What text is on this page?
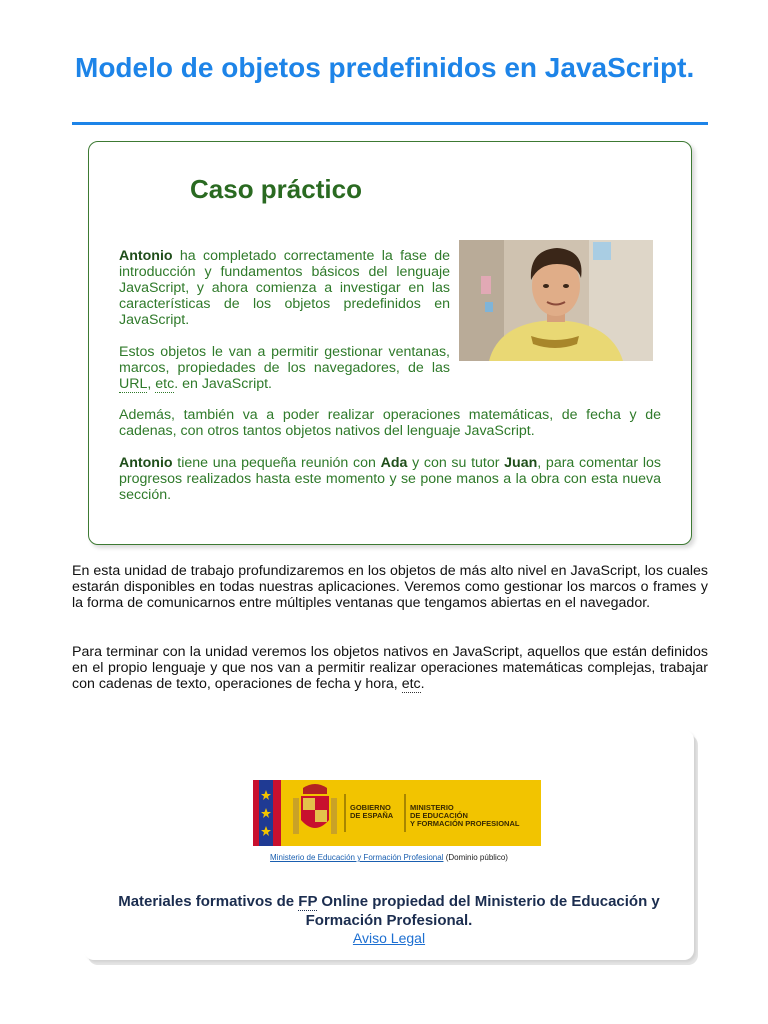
Modelo de objetos predefinidos en JavaScript.
Caso práctico

Antonio ha completado correctamente la fase de introducción y fundamentos básicos del lenguaje JavaScript, y ahora comienza a investigar en las características de los objetos predefinidos en JavaScript.

Estos objetos le van a permitir gestionar ventanas, marcos, propiedades de los navegadores, de las URL, etc. en JavaScript.

Además, también va a poder realizar operaciones matemáticas, de fecha y de cadenas, con otros tantos objetos nativos del lenguaje JavaScript.

Antonio tiene una pequeña reunión con Ada y con su tutor Juan, para comentar los progresos realizados hasta este momento y se pone manos a la obra con esta nueva sección.

En esta unidad de trabajo profundizaremos en los objetos de más alto nivel en JavaScript, los cuales estarán disponibles en todas nuestras aplicaciones. Veremos como gestionar los marcos o frames y la forma de comunicarnos entre múltiples ventanas que tengamos abiertas en el navegador.

Para terminar con la unidad veremos los objetos nativos en JavaScript, aquellos que están definidos en el propio lenguaje y que nos van a permitir realizar operaciones matemáticas complejas, trabajar con cadenas de texto, operaciones de fecha y hora, etc.

GOBIERNO
DE ESPAÑA

MINISTERIO
DE EDUCACIÓN
Y FORMACIÓN PROFESIONAL

Ministerio de Educación y Formación Profesional (Dominio público)
Materiales formativos de FP Online propiedad del Ministerio de Educación y Formación Profesional.
Aviso Legal
